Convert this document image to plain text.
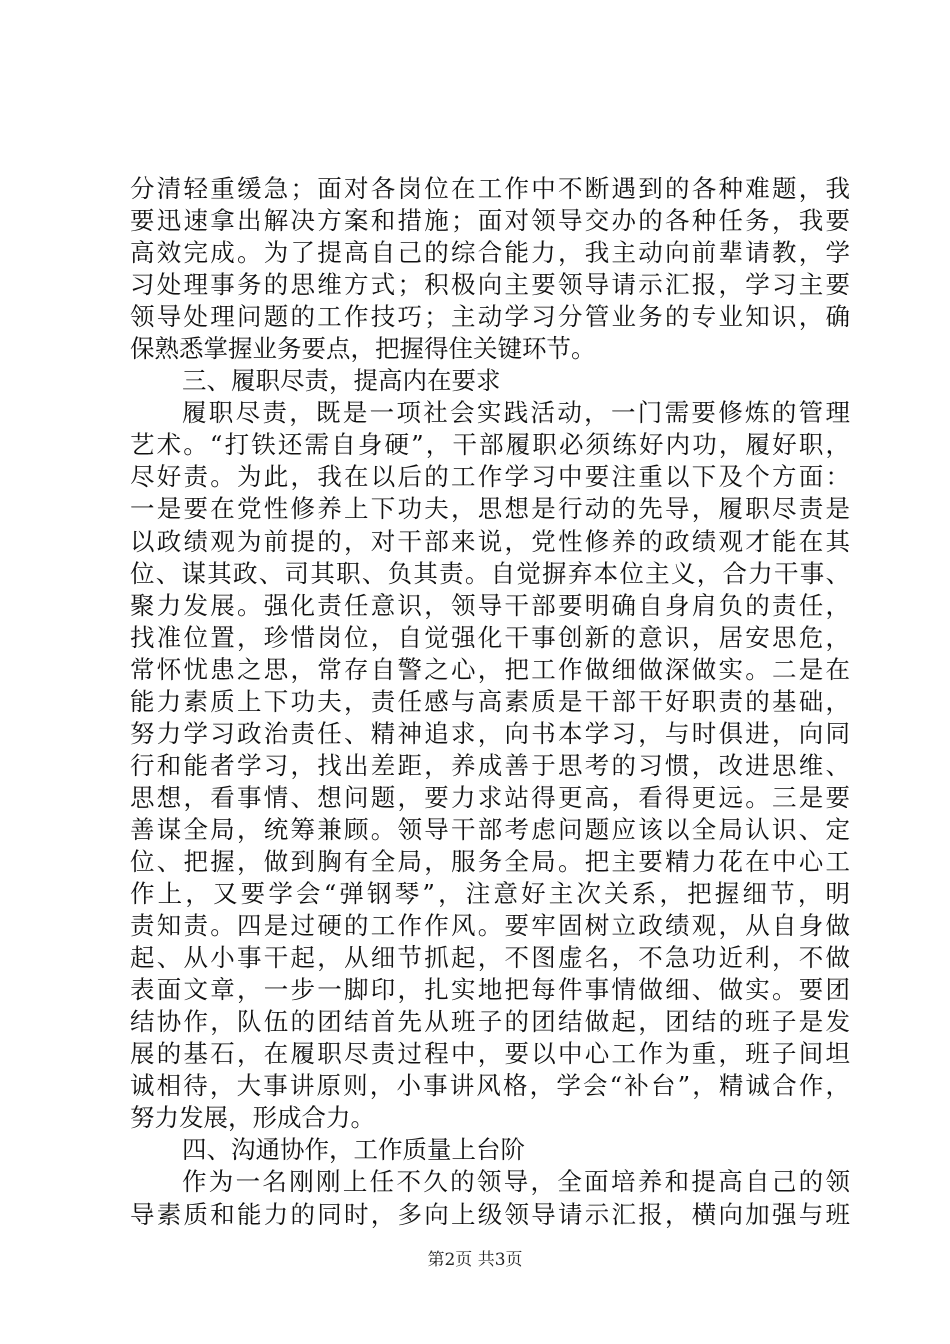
分清轻重缓急；面对各岗位在工作中不断遇到的各种难题，我
要迅速拿出解决方案和措施；面对领导交办的各种任务，我要
高效完成。为了提高自己的综合能力，我主动向前辈请教，学
习处理事务的思维方式；积极向主要领导请示汇报，学习主要
领导处理问题的工作技巧；主动学习分管业务的专业知识，确
保熟悉掌握业务要点，把握得住关键环节。
三、履职尽责，提高内在要求
履职尽责，既是一项社会实践活动，一门需要修炼的管理
艺术。“打铁还需自身硬”，干部履职必须练好内功，履好职，
尽好责。为此，我在以后的工作学习中要注重以下及个方面：
一是要在党性修养上下功夫，思想是行动的先导，履职尽责是
以政绩观为前提的，对干部来说，党性修养的政绩观才能在其
位、谋其政、司其职、负其责。自觉摒弃本位主义，合力干事、
聚力发展。强化责任意识，领导干部要明确自身肩负的责任，
找准位置，珍惜岗位，自觉强化干事创新的意识，居安思危，
常怀忧患之思，常存自警之心，把工作做细做深做实。二是在
能力素质上下功夫，责任感与高素质是干部干好职责的基础，
努力学习政治责任、精神追求，向书本学习，与时俱进，向同
行和能者学习，找出差距，养成善于思考的习惯，改进思维、
思想，看事情、想问题，要力求站得更高，看得更远。三是要
善谋全局，统筹兼顾。领导干部考虑问题应该以全局认识、定
位、把握，做到胸有全局，服务全局。把主要精力花在中心工
作上，又要学会“弹钢琴”，注意好主次关系，把握细节，明
责知责。四是过硬的工作作风。要牢固树立政绩观，从自身做
起、从小事干起，从细节抓起，不图虚名，不急功近利，不做
表面文章，一步一脚印，扎实地把每件事情做细、做实。要团
结协作，队伍的团结首先从班子的团结做起，团结的班子是发
展的基石，在履职尽责过程中，要以中心工作为重，班子间坦
诚相待，大事讲原则，小事讲风格，学会“补台”，精诚合作，
努力发展，形成合力。
四、沟通协作，工作质量上台阶
作为一名刚刚上任不久的领导，全面培养和提高自己的领
导素质和能力的同时，多向上级领导请示汇报，横向加强与班
第2页 共3页
